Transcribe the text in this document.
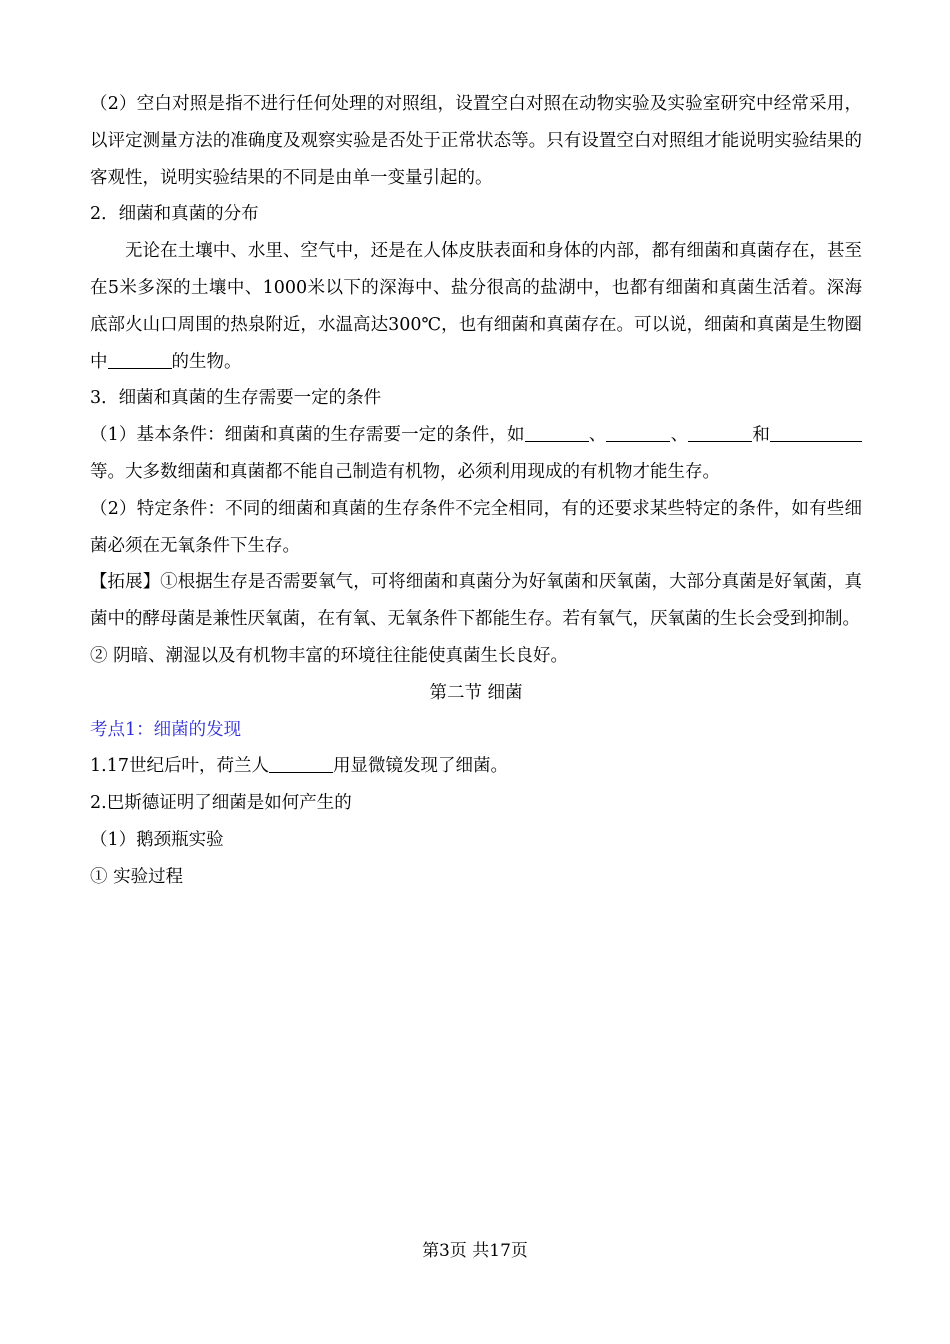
（2）空白对照是指不进行任何处理的对照组，设置空白对照在动物实验及实验室研究中经常采用，以评定测量方法的准确度及观察实验是否处于正常状态等。只有设置空白对照组才能说明实验结果的客观性，说明实验结果的不同是由单一变量引起的。

2．细菌和真菌的分布

无论在土壤中、水里、空气中，还是在人体皮肤表面和身体的内部，都有细菌和真菌存在，甚至在5米多深的土壤中、1000米以下的深海中、盐分很高的盐湖中，也都有细菌和真菌生活着。深海底部火山口周围的热泉附近，水温高达300℃，也有细菌和真菌存在。可以说，细菌和真菌是生物圈中	的生物。

3．细菌和真菌的生存需要一定的条件

（1）基本条件：细菌和真菌的生存需要一定的条件，如	、	、	和等。大多数细菌和真菌都不能自己制造有机物，必须利用现成的有机物才能生存。

（2）特定条件：不同的细菌和真菌的生存条件不完全相同，有的还要求某些特定的条件，如有些细菌必须在无氧条件下生存。

【拓展】①根据生存是否需要氧气，可将细菌和真菌分为好氧菌和厌氧菌，大部分真菌是好氧菌，真菌中的酵母菌是兼性厌氧菌，在有氧、无氧条件下都能生存。若有氧气，厌氧菌的生长会受到抑制。

② 阴暗、潮湿以及有机物丰富的环境往往能使真菌生长良好。

第二节 细菌

考点1：细菌的发现

1.17世纪后叶，荷兰人	用显微镜发现了细菌。

2.巴斯德证明了细菌是如何产生的

（1）鹅颈瓶实验

① 实验过程

第3页 共17页
